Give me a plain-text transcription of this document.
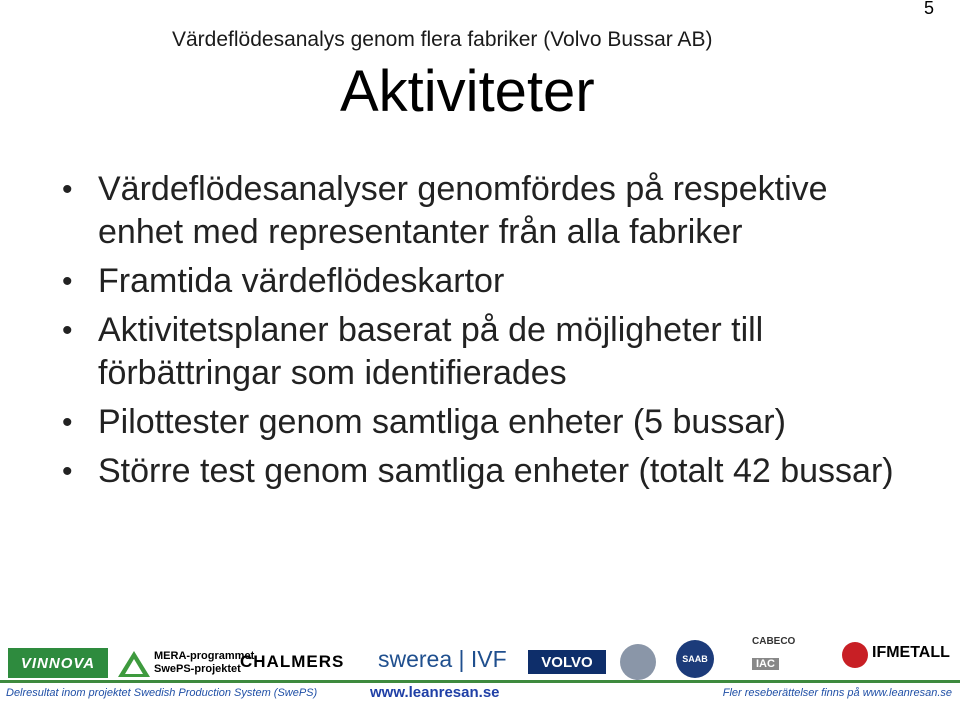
5
Värdeflödesanalys genom flera fabriker (Volvo Bussar AB)
Aktiviteter
• Värdeflödesanalyser genomfördes på respektive enhet med representanter från alla fabriker
• Framtida värdeflödeskartor
• Aktivitetsplaner baserat på de möjligheter till förbättringar som identifierades
• Pilottester genom samtliga enheter (5 bussar)
• Större test genom samtliga enheter (totalt 42 bussar)
VINNOVA	MERA-programmet
SwePS-projektet CHALMERS swerea | IVF	VOLVO	SAAB
CABECO
IAC
IFMETALL
Delresultat inom projektet Swedish Production System (SwePS)	www.leanresan.se	Fler reseberättelser finns på www.leanresan.se
